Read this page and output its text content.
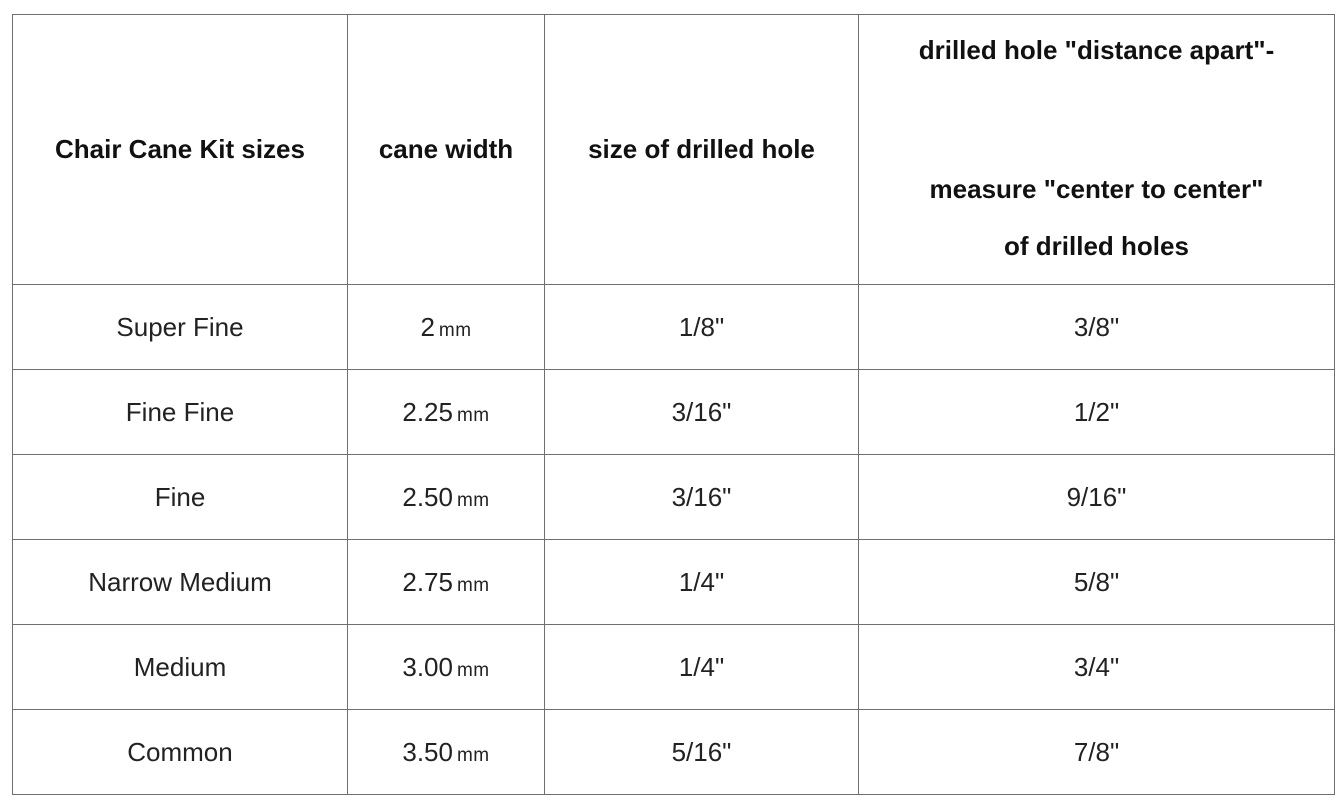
Chair Cane Kit sizes	cane width	size of drilled hole	drilled hole "distance apart"-
measure "center to center"
of drilled holes

Super Fine	2 mm	1/8"	3/8"
Fine Fine	2.25 mm	3/16"	1/2"
Fine	2.50 mm	3/16"	9/16"
Narrow Medium	2.75 mm	1/4"	5/8"
Medium	3.00 mm	1/4"	3/4"
Common	3.50 mm	5/16"	7/8"
